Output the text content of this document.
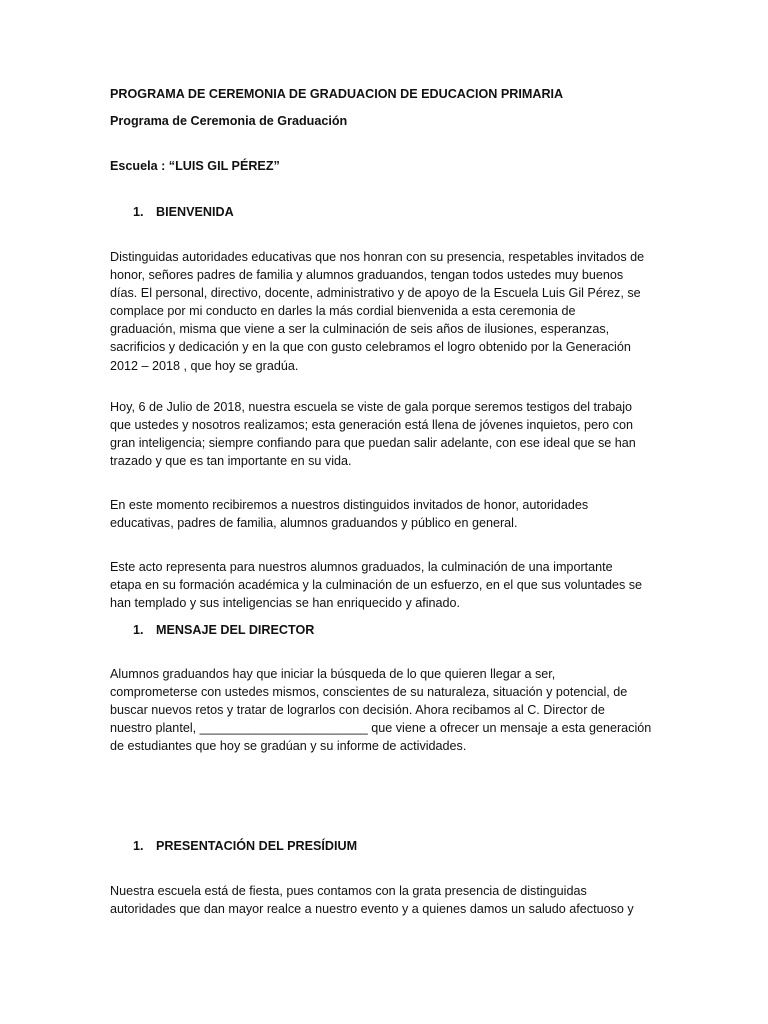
PROGRAMA DE CEREMONIA DE GRADUACION DE EDUCACION PRIMARIA

Programa de Ceremonia de Graduación

Escuela : “LUIS GIL PÉREZ”

1. BIENVENIDA

Distinguidas autoridades educativas que nos honran con su presencia, respetables invitados de
honor, señores padres de familia y alumnos graduandos, tengan todos ustedes muy buenos
días. El personal, directivo, docente, administrativo y de apoyo de la Escuela Luis Gil Pérez, se
complace por mi conducto en darles la más cordial bienvenida a esta ceremonia de
graduación, misma que viene a ser la culminación de seis años de ilusiones, esperanzas,
sacrificios y dedicación y en la que con gusto celebramos el logro obtenido por la Generación
2012 – 2018 , que hoy se gradúa.
Hoy, 6 de Julio de 2018, nuestra escuela se viste de gala porque seremos testigos del trabajo
que ustedes y nosotros realizamos; esta generación está llena de jóvenes inquietos, pero con
gran inteligencia; siempre confiando para que puedan salir adelante, con ese ideal que se han
trazado y que es tan importante en su vida.
En este momento recibiremos a nuestros distinguidos invitados de honor, autoridades
educativas, padres de familia, alumnos graduandos y público en general.
Este acto representa para nuestros alumnos graduados, la culminación de una importante
etapa en su formación académica y la culminación de un esfuerzo, en el que sus voluntades se
han templado y sus inteligencias se han enriquecido y afinado.

1. MENSAJE DEL DIRECTOR

Alumnos graduandos hay que iniciar la búsqueda de lo que quieren llegar a ser,
comprometerse con ustedes mismos, conscientes de su naturaleza, situación y potencial, de
buscar nuevos retos y tratar de lograrlos con decisión. Ahora recibamos al C. Director de
nuestro plantel, ________________________ que viene a ofrecer un mensaje a esta generación
de estudiantes que hoy se gradúan y su informe de actividades.

1. PRESENTACIÓN DEL PRESÍDIUM

Nuestra escuela está de fiesta, pues contamos con la grata presencia de distinguidas
autoridades que dan mayor realce a nuestro evento y a quienes damos un saludo afectuoso y
